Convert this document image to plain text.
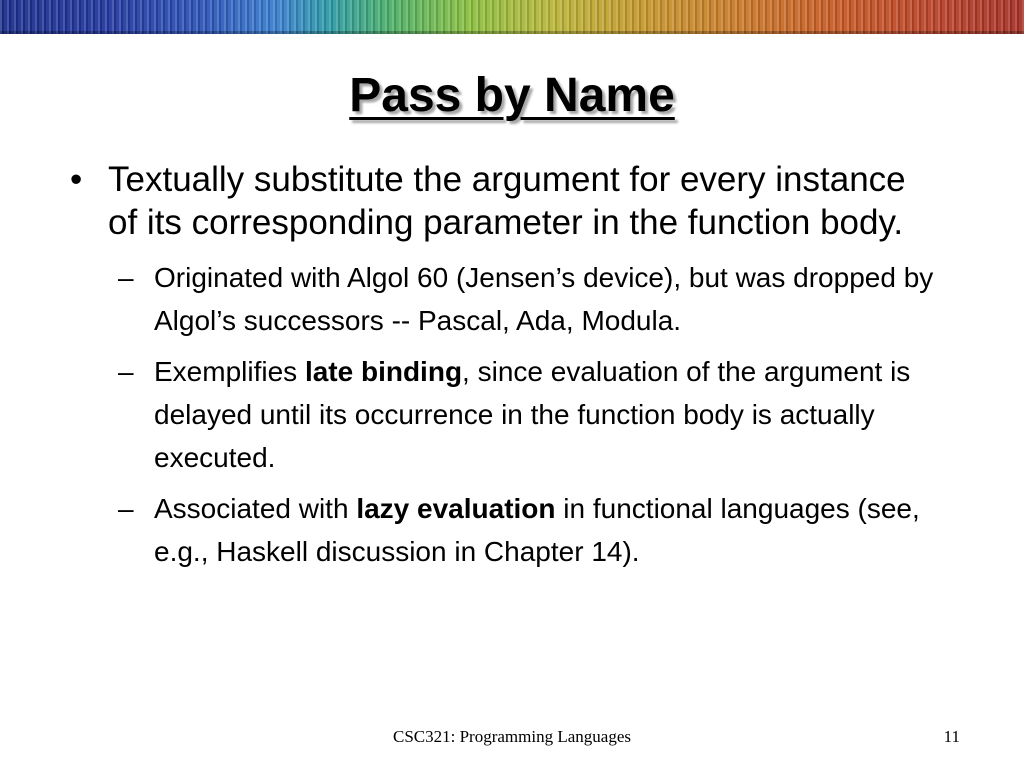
Pass by Name
• Textually substitute the argument for every instance of its corresponding parameter in the function body.
– Originated with Algol 60 (Jensen’s device), but was dropped by Algol’s successors -- Pascal, Ada, Modula.
– Exemplifies late binding, since evaluation of the argument is delayed until its occurrence in the function body is actually executed.
– Associated with lazy evaluation in functional languages (see, e.g., Haskell discussion in Chapter 14).
CSC321: Programming Languages	11
